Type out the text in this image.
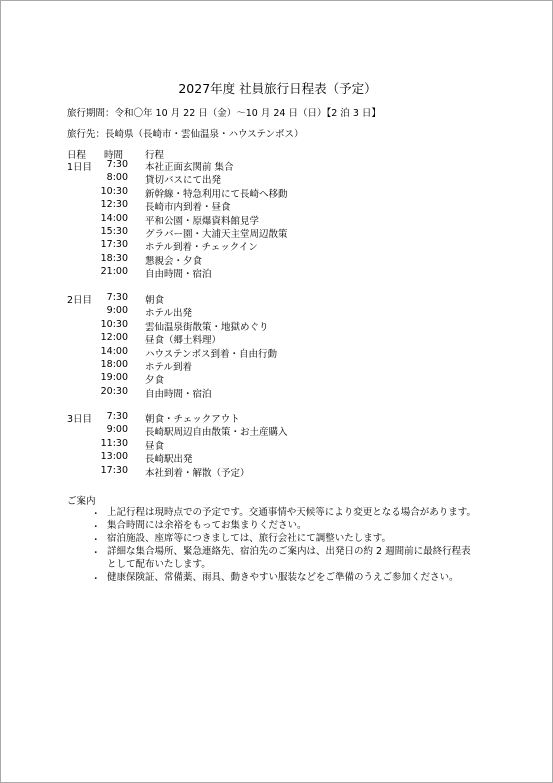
2027年度 社員旅行日程表（予定）
旅行期間：令和〇年 10 月 22 日（金）～10 月 24 日（日）【2 泊 3 日】
旅行先：長崎県（長崎市・雲仙温泉・ハウステンボス）
日程 時間 行程
1日目	7:30 本社正面玄関前 集合
8:00 貸切バスにて出発
10:30 新幹線・特急利用にて長崎へ移動
12:30 長崎市内到着・昼食
14:00 平和公園・原爆資料館見学
15:30 グラバー園・大浦天主堂周辺散策
17:30 ホテル到着・チェックイン
18:30 懇親会・夕食
21:00 自由時間・宿泊
2日目	7:30 朝食
9:00 ホテル出発
10:30 雲仙温泉街散策・地獄めぐり
12:00 昼食（郷土料理）
14:00 ハウステンボス到着・自由行動
18:00 ホテル到着
19:00 夕食
20:30 自由時間・宿泊
3日目	7:30 朝食・チェックアウト
9:00 長崎駅周辺自由散策・お土産購入
11:30 昼食
13:00 長崎駅出発
17:30 本社到着・解散（予定）
ご案内
・ 上記行程は現時点での予定です。交通事情や天候等により変更となる場合があります。
・ 集合時間には余裕をもってお集まりください。
・ 宿泊施設、座席等につきましては、旅行会社にて調整いたします。
・ 詳細な集合場所、緊急連絡先、宿泊先のご案内は、出発日の約 2 週間前に最終行程表
として配布いたします。
・ 健康保険証、常備薬、雨具、動きやすい服装などをご準備のうえご参加ください。
